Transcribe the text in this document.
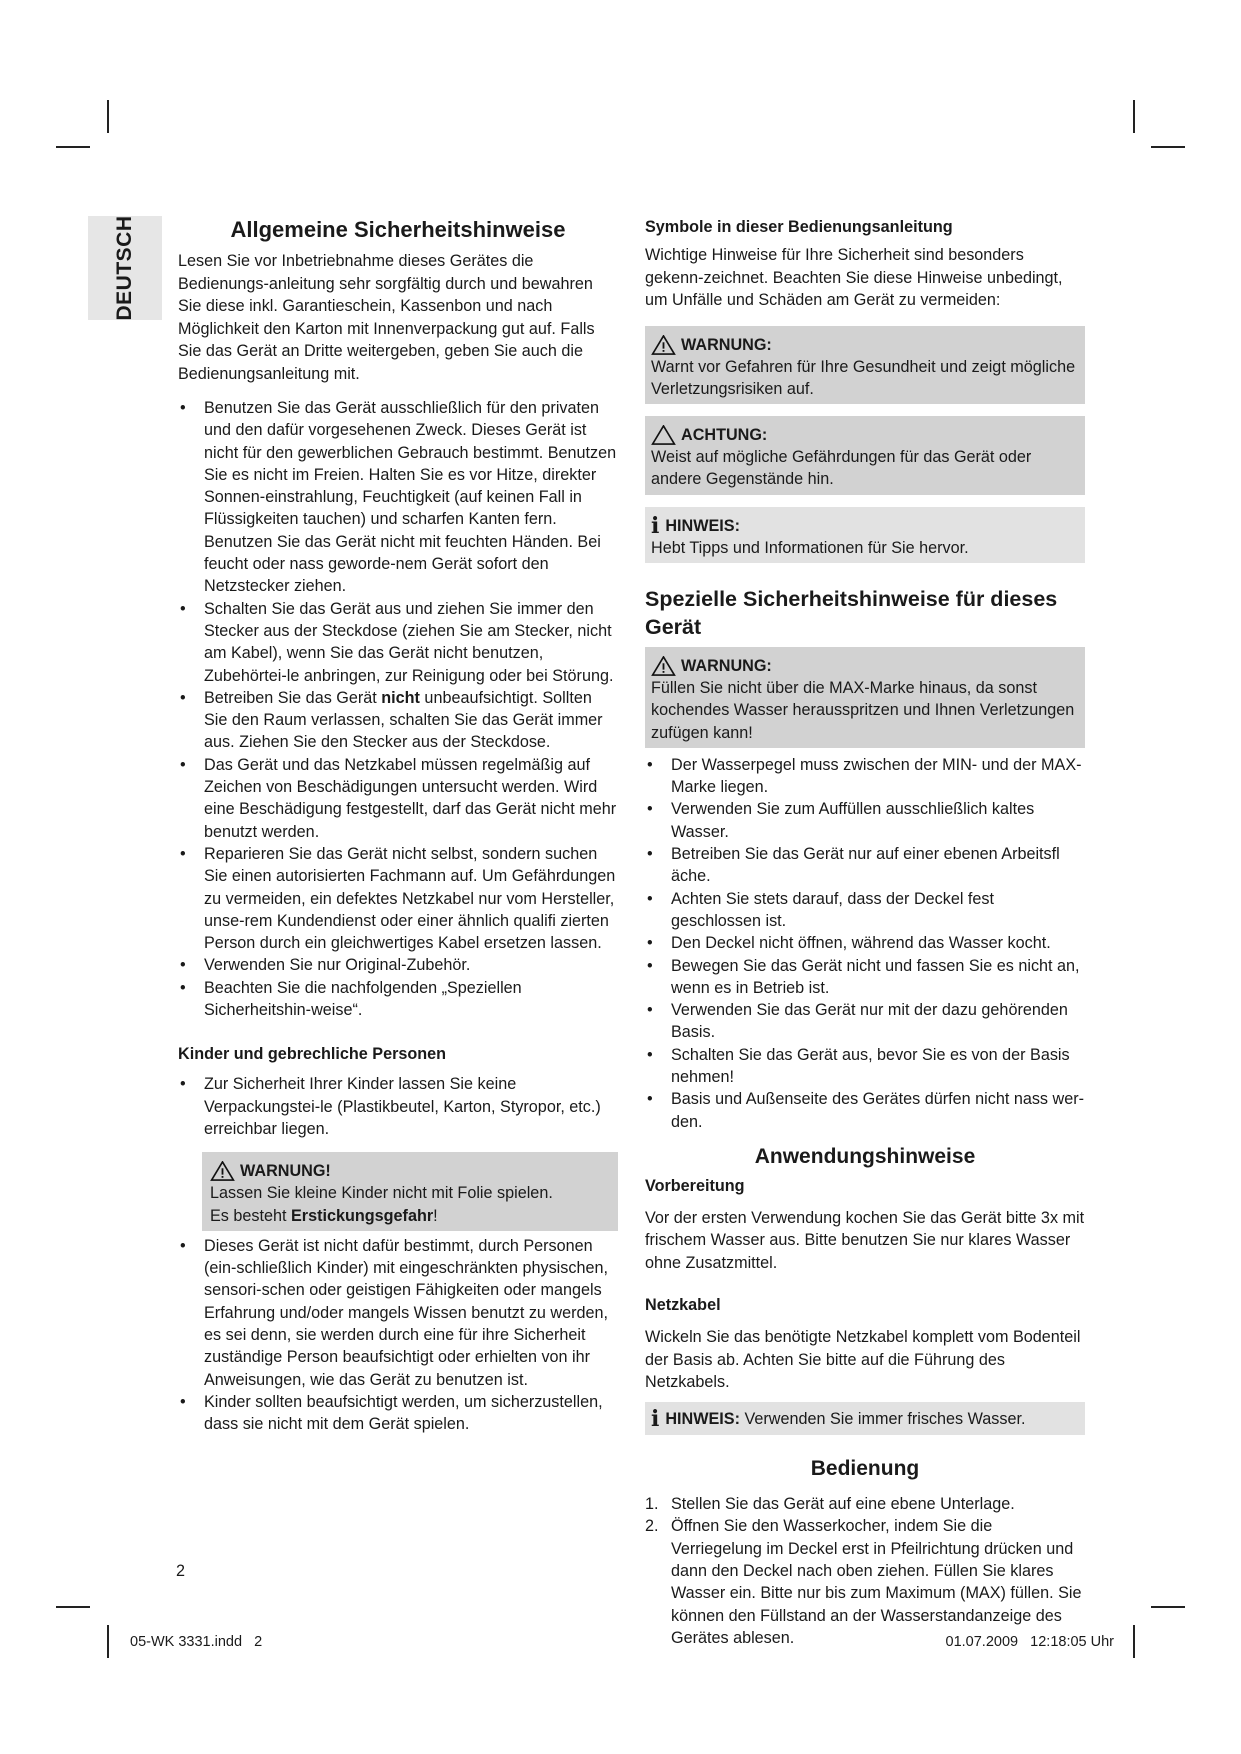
DEUTSCH	Allgemeine Sicherheitshinweise

Lesen Sie vor Inbetriebnahme dieses Gerätes die Bedienungs-anleitung sehr sorgfältig durch und bewahren Sie diese inkl. Garantieschein, Kassenbon und nach Möglichkeit den Karton mit Innenverpackung gut auf. Falls Sie das Gerät an Dritte weitergeben, geben Sie auch die Bedienungsanleitung mit.

• Benutzen Sie das Gerät ausschließlich für den privaten und den dafür vorgesehenen Zweck. Dieses Gerät ist nicht für den gewerblichen Gebrauch bestimmt. Benutzen Sie es nicht im Freien. Halten Sie es vor Hitze, direkter Sonnen-einstrahlung, Feuchtigkeit (auf keinen Fall in Flüssigkeiten tauchen) und scharfen Kanten fern. Benutzen Sie das Gerät nicht mit feuchten Händen. Bei feucht oder nass geworde-nem Gerät sofort den Netzstecker ziehen.
• Schalten Sie das Gerät aus und ziehen Sie immer den Stecker aus der Steckdose (ziehen Sie am Stecker, nicht am Kabel), wenn Sie das Gerät nicht benutzen, Zubehörtei-le anbringen, zur Reinigung oder bei Störung.
• Betreiben Sie das Gerät nicht unbeaufsichtigt. Sollten Sie den Raum verlassen, schalten Sie das Gerät immer aus. Ziehen Sie den Stecker aus der Steckdose.
• Das Gerät und das Netzkabel müssen regelmäßig auf Zeichen von Beschädigungen untersucht werden. Wird eine Beschädigung festgestellt, darf das Gerät nicht mehr benutzt werden.
• Reparieren Sie das Gerät nicht selbst, sondern suchen Sie einen autorisierten Fachmann auf. Um Gefährdungen zu vermeiden, ein defektes Netzkabel nur vom Hersteller, unse-rem Kundendienst oder einer ähnlich qualifi zierten Person durch ein gleichwertiges Kabel ersetzen lassen.
• Verwenden Sie nur Original-Zubehör.
• Beachten Sie die nachfolgenden „Speziellen Sicherheitshin-weise“.
Kinder und gebrechliche Personen
• Zur Sicherheit Ihrer Kinder lassen Sie keine Verpackungstei-le (Plastikbeutel, Karton, Styropor, etc.) erreichbar liegen.
WARNUNG!

Lassen Sie kleine Kinder nicht mit Folie spielen.

Es besteht Erstickungsgefahr!

• Dieses Gerät ist nicht dafür bestimmt, durch Personen (ein-schließlich Kinder) mit eingeschränkten physischen, sensori-schen oder geistigen Fähigkeiten oder mangels Erfahrung und/oder mangels Wissen benutzt zu werden, es sei denn, sie werden durch eine für ihre Sicherheit zuständige Person beaufsichtigt oder erhielten von ihr Anweisungen, wie das Gerät zu benutzen ist.
• Kinder sollten beaufsichtigt werden, um sicherzustellen, dass sie nicht mit dem Gerät spielen.
2
Symbole in dieser Bedienungsanleitung

Wichtige Hinweise für Ihre Sicherheit sind besonders gekenn-zeichnet. Beachten Sie diese Hinweise unbedingt, um Unfälle und Schäden am Gerät zu vermeiden:

WARNUNG:

Warnt vor Gefahren für Ihre Gesundheit und zeigt mögliche Verletzungsrisiken auf.

ACHTUNG:

Weist auf mögliche Gefährdungen für das Gerät oder andere Gegenstände hin.

i HINWEIS:

Hebt Tipps und Informationen für Sie hervor.

Spezielle Sicherheitshinweise für dieses Gerät
WARNUNG:

Füllen Sie nicht über die MAX-Marke hinaus, da sonst kochendes Wasser herausspritzen und Ihnen Verletzungen zufügen kann!

• Der Wasserpegel muss zwischen der MIN- und der MAX-Marke liegen.
• Verwenden Sie zum Auffüllen ausschließlich kaltes Wasser.
• Betreiben Sie das Gerät nur auf einer ebenen Arbeitsfl äche.
• Achten Sie stets darauf, dass der Deckel fest geschlossen ist.
• Den Deckel nicht öffnen, während das Wasser kocht.
• Bewegen Sie das Gerät nicht und fassen Sie es nicht an, wenn es in Betrieb ist.
• Verwenden Sie das Gerät nur mit der dazu gehörenden Basis.
• Schalten Sie das Gerät aus, bevor Sie es von der Basis nehmen!
• Basis und Außenseite des Gerätes dürfen nicht nass wer-den.
Anwendungshinweise
Vorbereitung

Vor der ersten Verwendung kochen Sie das Gerät bitte 3x mit frischem Wasser aus. Bitte benutzen Sie nur klares Wasser ohne Zusatzmittel.

Netzkabel

Wickeln Sie das benötigte Netzkabel komplett vom Bodenteil der Basis ab. Achten Sie bitte auf die Führung des Netzkabels.

i HINWEIS: Verwenden Sie immer frisches Wasser.

Bedienung
1. Stellen Sie das Gerät auf eine ebene Unterlage.
2. Öffnen Sie den Wasserkocher, indem Sie die Verriegelung im Deckel erst in Pfeilrichtung drücken und dann den Deckel nach oben ziehen. Füllen Sie klares Wasser ein. Bitte nur bis zum Maximum (MAX) füllen. Sie können den Füllstand an der Wasserstandanzeige des Gerätes ablesen.
05-WK 3331.indd   2	01.07.2009   12:18:05 Uhr
